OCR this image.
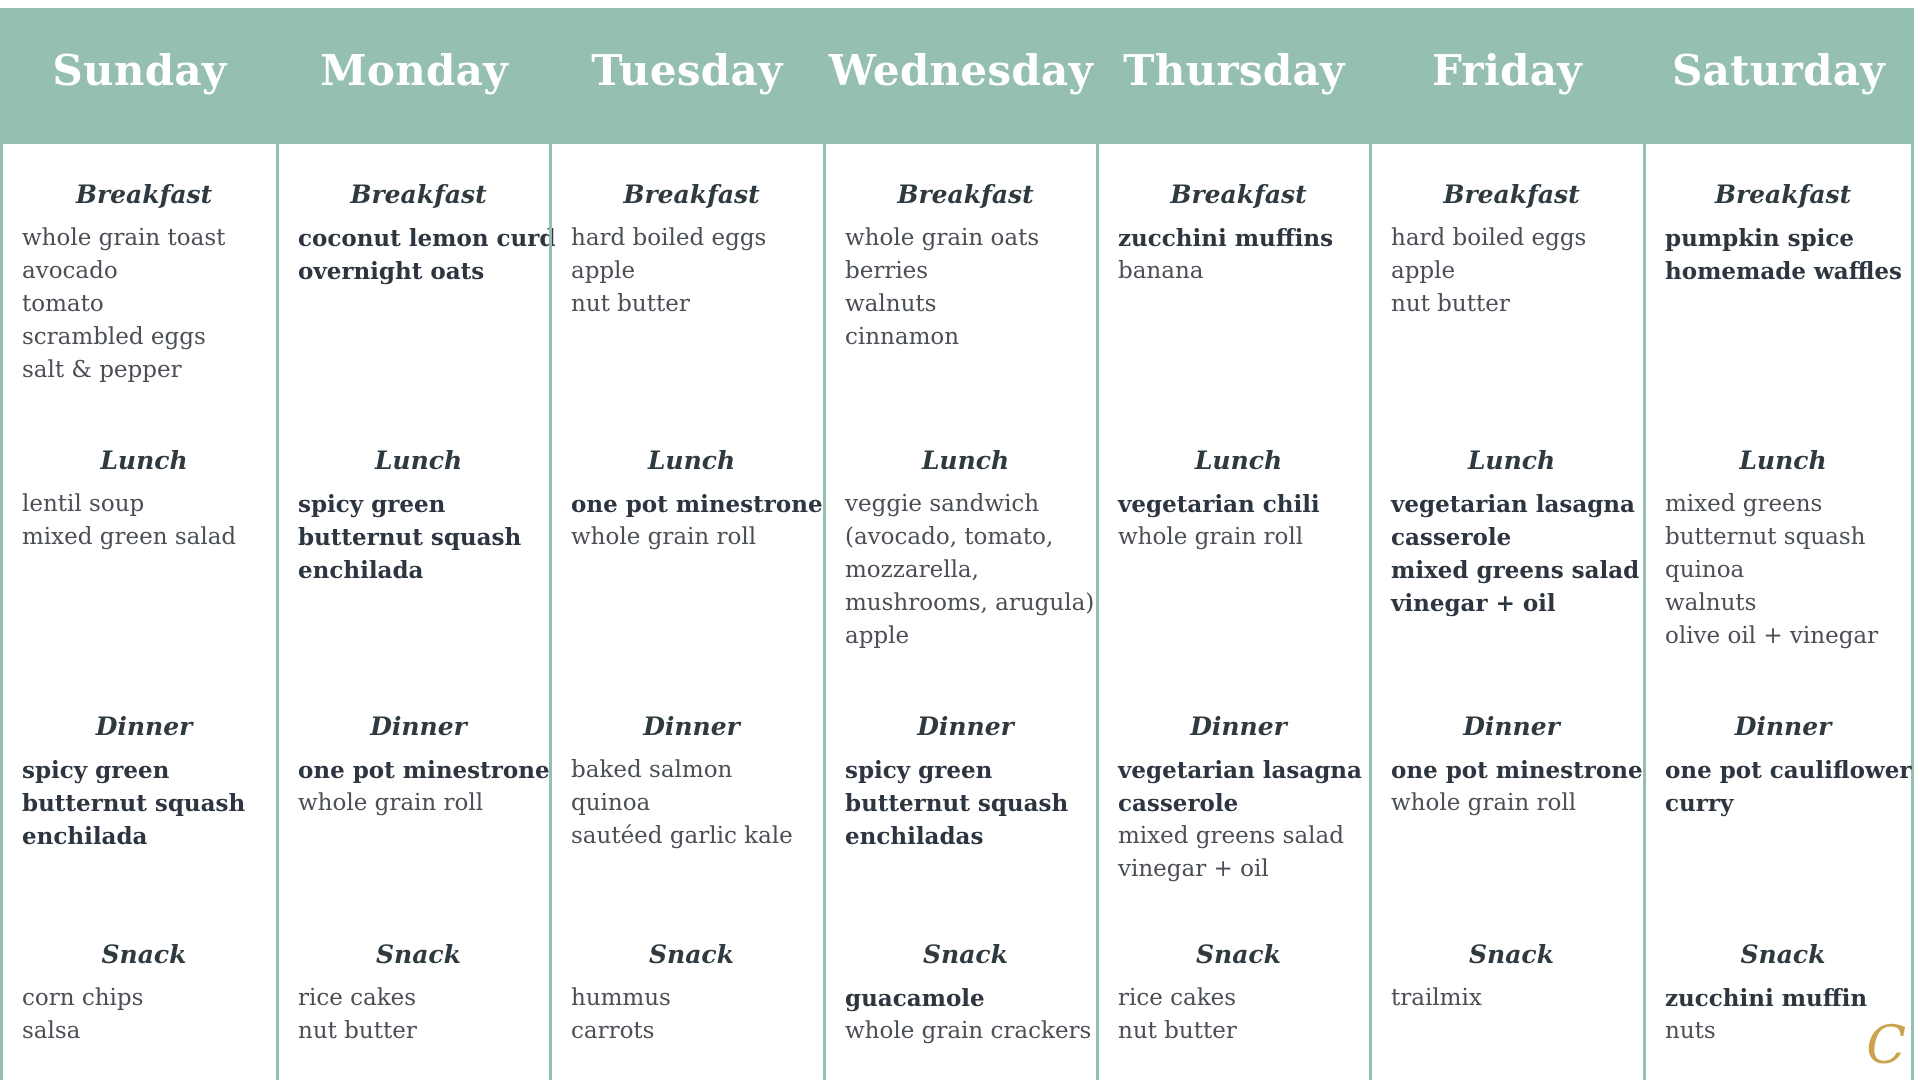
Sunday
Breakfast
whole grain toast
avocado
tomato
scrambled eggs
salt & pepper
Lunch
lentil soup
mixed green salad
Dinner
spicy green
butternut squash
enchilada
Snack
corn chips
salsa
Monday
Breakfast
coconut lemon curd
overnight oats
Lunch
spicy green
butternut squash
enchilada
Dinner
one pot minestrone
whole grain roll
Snack
rice cakes
nut butter
Tuesday
Breakfast
hard boiled eggs
apple
nut butter
Lunch
one pot minestrone
whole grain roll
Dinner
baked salmon
quinoa
sautéed garlic kale
Snack
hummus
carrots
Wednesday
Breakfast
whole grain oats
berries
walnuts
cinnamon
Lunch
veggie sandwich
(avocado, tomato,
mozzarella,
mushrooms, arugula)
apple
Dinner
spicy green
butternut squash
enchiladas
Snack
guacamole
whole grain crackers
Thursday
Breakfast
zucchini muffins
banana
Lunch
vegetarian chili
whole grain roll
Dinner
vegetarian lasagna
casserole
mixed greens salad
vinegar + oil
Snack
rice cakes
nut butter
Friday
Breakfast
hard boiled eggs
apple
nut butter
Lunch
vegetarian lasagna
casserole
mixed greens salad
vinegar + oil
Dinner
one pot minestrone
whole grain roll
Snack
trailmix
Saturday
Breakfast
pumpkin spice
homemade waffles
Lunch
mixed greens
butternut squash
quinoa
walnuts
olive oil + vinegar
Dinner
one pot cauliflower
curry
Snack
zucchini muffin
nuts	C
